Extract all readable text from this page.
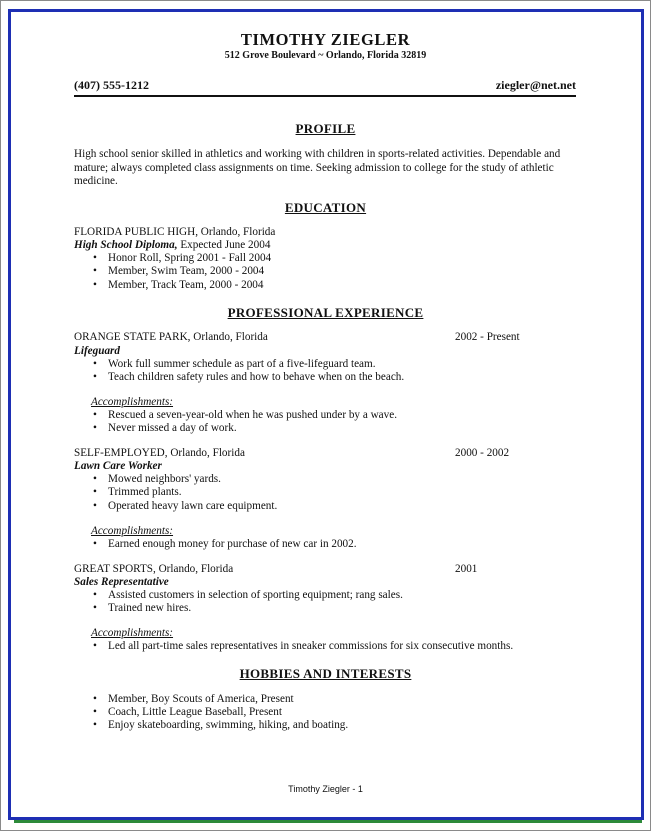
TIMOTHY ZIEGLER
512 Grove Boulevard ~ Orlando, Florida 32819
(407) 555-1212	ziegler@net.net
PROFILE
High school senior skilled in athletics and working with children in sports-related activities. Dependable and mature; always completed class assignments on time. Seeking admission to college for the study of athletic medicine.
EDUCATION
FLORIDA PUBLIC HIGH, Orlando, Florida
High School Diploma, Expected June 2004
• Honor Roll, Spring 2001 - Fall 2004
• Member, Swim Team, 2000 - 2004
• Member, Track Team, 2000 - 2004
PROFESSIONAL EXPERIENCE
ORANGE STATE PARK, Orlando, Florida	2002 - Present
Lifeguard
• Work full summer schedule as part of a five-lifeguard team.
• Teach children safety rules and how to behave when on the beach.
Accomplishments:
• Rescued a seven-year-old when he was pushed under by a wave.
• Never missed a day of work.
SELF-EMPLOYED, Orlando, Florida	2000 - 2002
Lawn Care Worker
• Mowed neighbors' yards.
• Trimmed plants.
• Operated heavy lawn care equipment.
Accomplishments:
• Earned enough money for purchase of new car in 2002.
GREAT SPORTS, Orlando, Florida	2001
Sales Representative
• Assisted customers in selection of sporting equipment; rang sales.
• Trained new hires.
Accomplishments:
• Led all part-time sales representatives in sneaker commissions for six consecutive months.
HOBBIES AND INTERESTS
• Member, Boy Scouts of America, Present
• Coach, Little League Baseball, Present
• Enjoy skateboarding, swimming, hiking, and boating.
Timothy Ziegler - 1
